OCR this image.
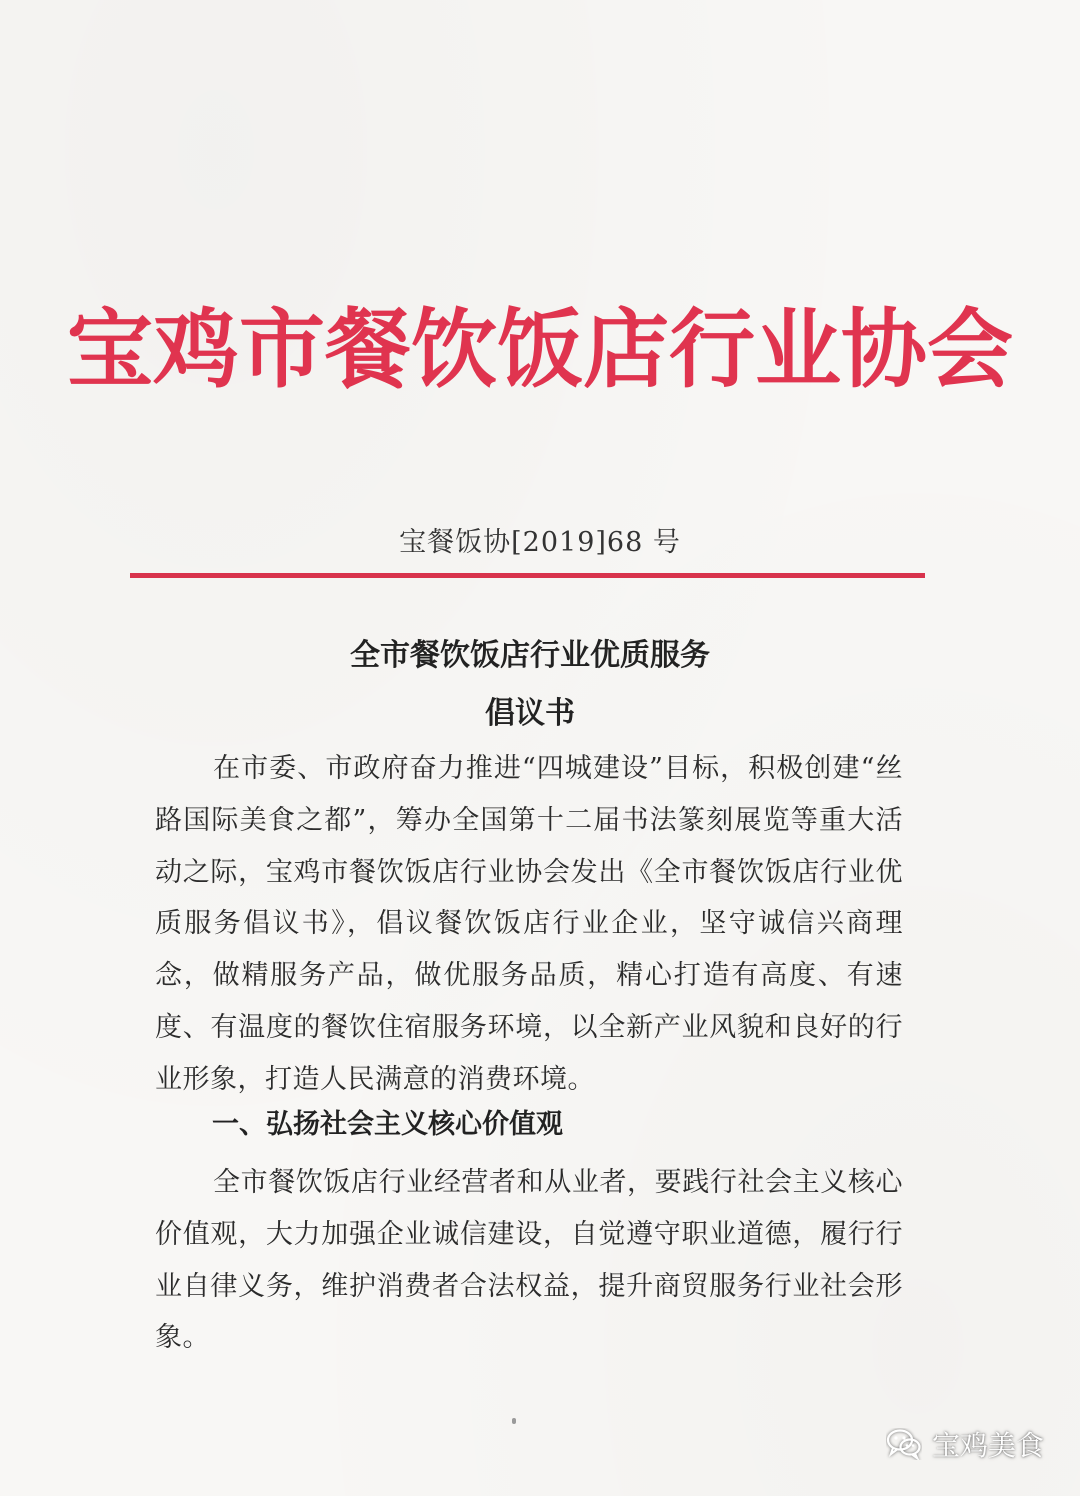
宝鸡市餐饮饭店行业协会
宝餐饭协[2019]68 号
全市餐饮饭店行业优质服务
倡议书
在市委、市政府奋力推进“四城建设”目标，积极创建“丝路国际美食之都”，筹办全国第十二届书法篆刻展览等重大活动之际，宝鸡市餐饮饭店行业协会发出《全市餐饮饭店行业优质服务倡议书》，倡议餐饮饭店行业企业，坚守诚信兴商理念，做精服务产品，做优服务品质，精心打造有高度、有速度、有温度的餐饮住宿服务环境，以全新产业风貌和良好的行业形象，打造人民满意的消费环境。
一、弘扬社会主义核心价值观
全市餐饮饭店行业经营者和从业者，要践行社会主义核心价值观，大力加强企业诚信建设，自觉遵守职业道德，履行行业自律义务，维护消费者合法权益，提升商贸服务行业社会形象。
宝鸡美食
